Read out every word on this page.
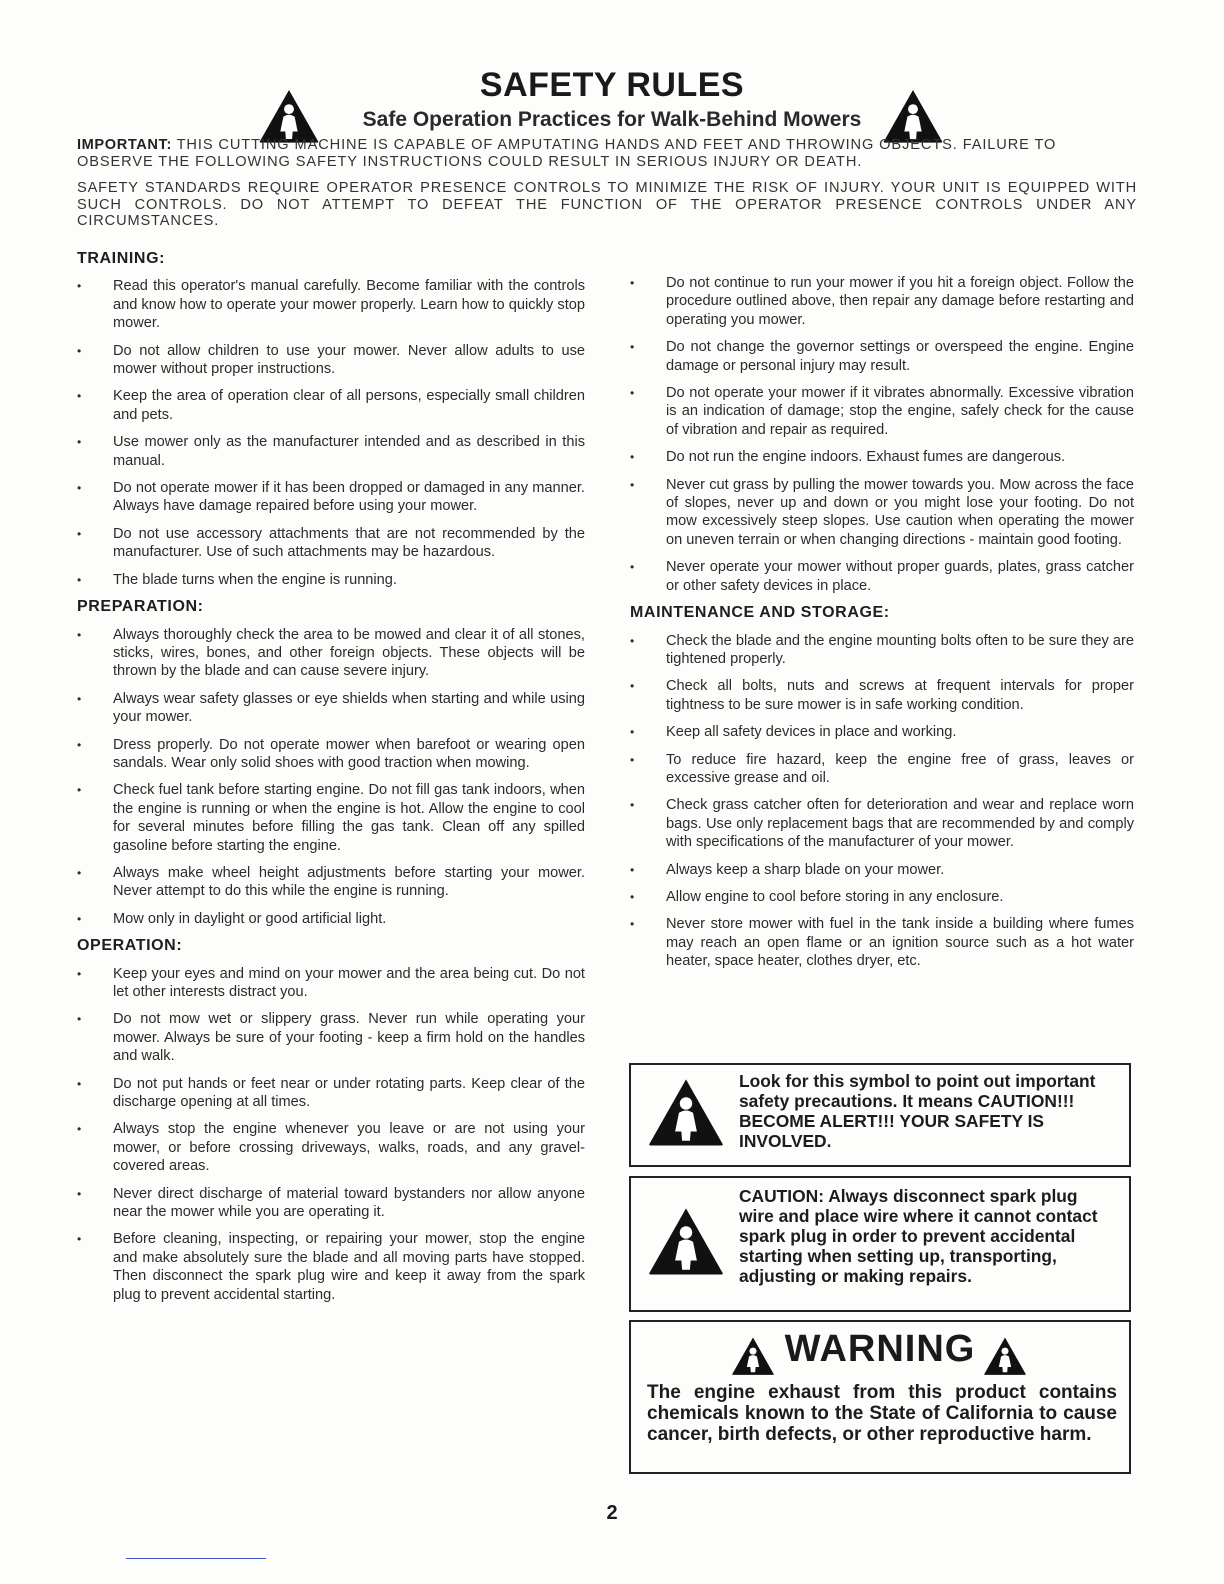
SAFETY RULES
Safe Operation Practices for Walk-Behind Mowers
IMPORTANT: THIS CUTTING MACHINE IS CAPABLE OF AMPUTATING HANDS AND FEET AND THROWING OBJECTS. FAILURE TO OBSERVE THE FOLLOWING SAFETY INSTRUCTIONS COULD RESULT IN SERIOUS INJURY OR DEATH.
SAFETY STANDARDS REQUIRE OPERATOR PRESENCE CONTROLS TO MINIMIZE THE RISK OF INJURY. YOUR UNIT IS EQUIPPED WITH SUCH CONTROLS. DO NOT ATTEMPT TO DEFEAT THE FUNCTION OF THE OPERATOR PRESENCE CONTROLS UNDER ANY CIRCUMSTANCES.
TRAINING:
• Read this operator's manual carefully. Become familiar with the controls and know how to operate your mower properly. Learn how to quickly stop mower.
• Do not allow children to use your mower. Never allow adults to use mower without proper instructions.
• Keep the area of operation clear of all persons, especially small children and pets.
• Use mower only as the manufacturer intended and as described in this manual.
• Do not operate mower if it has been dropped or damaged in any manner. Always have damage repaired before using your mower.
• Do not use accessory attachments that are not recommended by the manufacturer. Use of such attachments may be hazardous.
• The blade turns when the engine is running.
PREPARATION:
• Always thoroughly check the area to be mowed and clear it of all stones, sticks, wires, bones, and other foreign objects. These objects will be thrown by the blade and can cause severe injury.
• Always wear safety glasses or eye shields when starting and while using your mower.
• Dress properly. Do not operate mower when barefoot or wearing open sandals. Wear only solid shoes with good traction when mowing.
• Check fuel tank before starting engine. Do not fill gas tank indoors, when the engine is running or when the engine is hot. Allow the engine to cool for several minutes before filling the gas tank. Clean off any spilled gasoline before starting the engine.
• Always make wheel height adjustments before starting your mower. Never attempt to do this while the engine is running.
• Mow only in daylight or good artificial light.
OPERATION:
• Keep your eyes and mind on your mower and the area being cut. Do not let other interests distract you.
• Do not mow wet or slippery grass. Never run while operating your mower. Always be sure of your footing - keep a firm hold on the handles and walk.
• Do not put hands or feet near or under rotating parts. Keep clear of the discharge opening at all times.
• Always stop the engine whenever you leave or are not using your mower, or before crossing driveways, walks, roads, and any gravel-covered areas.
• Never direct discharge of material toward bystanders nor allow anyone near the mower while you are operating it.
• Before cleaning, inspecting, or repairing your mower, stop the engine and make absolutely sure the blade and all moving parts have stopped. Then disconnect the spark plug wire and keep it away from the spark plug to prevent accidental starting.
• Do not continue to run your mower if you hit a foreign object. Follow the procedure outlined above, then repair any damage before restarting and operating you mower.
• Do not change the governor settings or overspeed the engine. Engine damage or personal injury may result.
• Do not operate your mower if it vibrates abnormally. Excessive vibration is an indication of damage; stop the engine, safely check for the cause of vibration and repair as required.
• Do not run the engine indoors. Exhaust fumes are dangerous.
• Never cut grass by pulling the mower towards you. Mow across the face of slopes, never up and down or you might lose your footing. Do not mow excessively steep slopes. Use caution when operating the mower on uneven terrain or when changing directions - maintain good footing.
• Never operate your mower without proper guards, plates, grass catcher or other safety devices in place.
MAINTENANCE AND STORAGE:
• Check the blade and the engine mounting bolts often to be sure they are tightened properly.
• Check all bolts, nuts and screws at frequent intervals for proper tightness to be sure mower is in safe working condition.
• Keep all safety devices in place and working.
• To reduce fire hazard, keep the engine free of grass, leaves or excessive grease and oil.
• Check grass catcher often for deterioration and wear and replace worn bags. Use only replacement bags that are recommended by and comply with specifications of the manufacturer of your mower.
• Always keep a sharp blade on your mower.
• Allow engine to cool before storing in any enclosure.
• Never store mower with fuel in the tank inside a building where fumes may reach an open flame or an ignition source such as a hot water heater, space heater, clothes dryer, etc.
Look for this symbol to point out important safety precautions. It means CAUTION!!! BECOME ALERT!!! YOUR SAFETY IS INVOLVED.
CAUTION: Always disconnect spark plug wire and place wire where it cannot contact spark plug in order to prevent accidental starting when setting up, transporting, adjusting or making repairs.
WARNING
The engine exhaust from this product contains chemicals known to the State of California to cause cancer, birth defects, or other reproductive harm.
2
